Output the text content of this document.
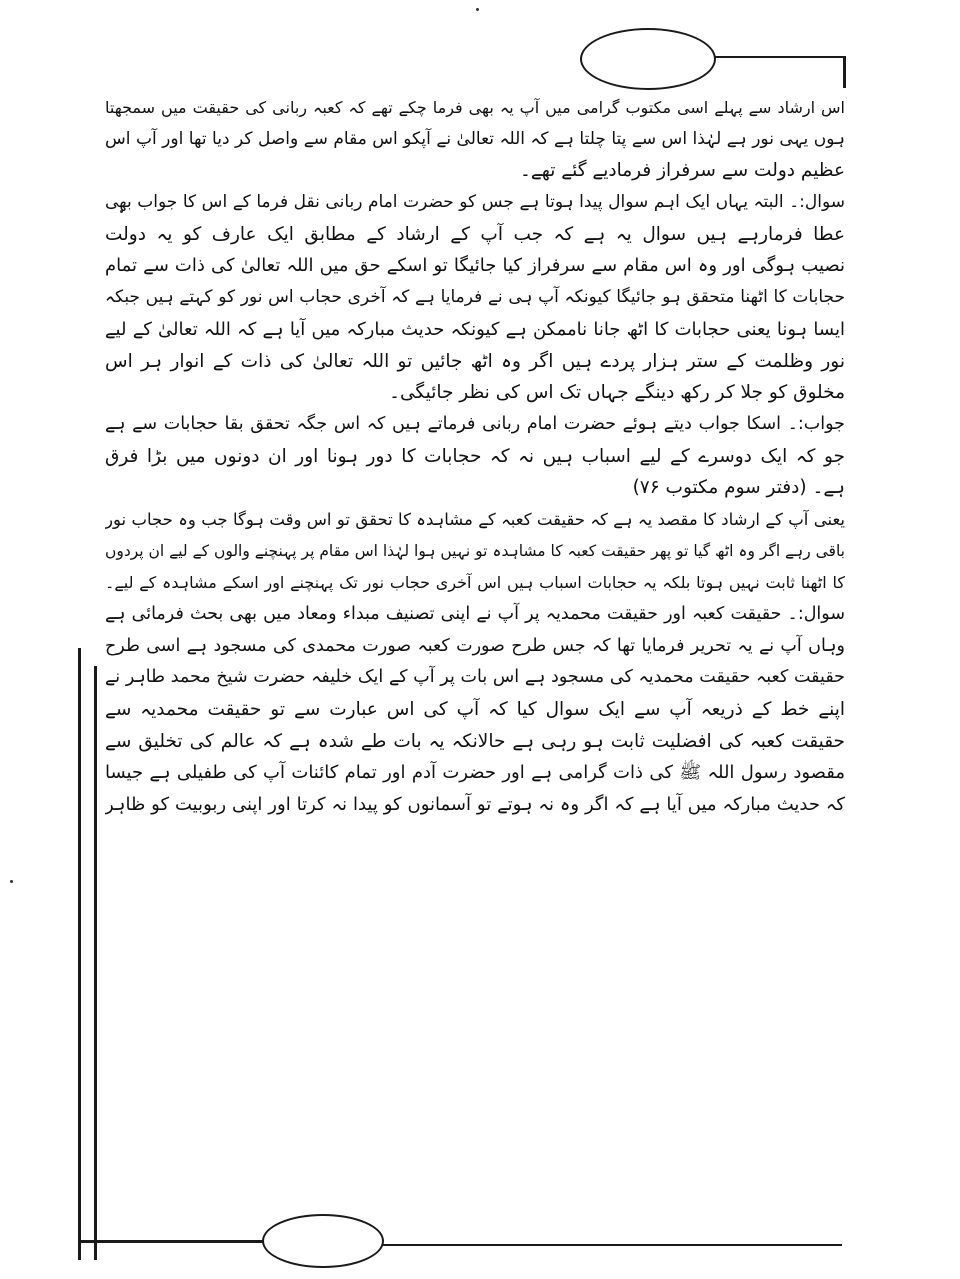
اس ارشاد سے پہلے اسی مکتوب گرامی میں آپ یہ بھی فرما چکے تھے کہ کعبہ ربانی کی حقیقت میں سمجھتا
ہوں یہی نور ہے لہٰذا اس سے پتا چلتا ہے کہ اللہ تعالیٰ نے آپکو اس مقام سے واصل کر دیا تھا اور آپ اس
عظیم دولت سے سرفراز فرمادیے گئے تھے۔
سوال:۔ البتہ یہاں ایک اہم سوال پیدا ہوتا ہے جس کو حضرت امام ربانی نقل فرما کے اس کا جواب بھی
عطا فرمارہے ہیں سوال یہ ہے کہ جب آپ کے ارشاد کے مطابق ایک عارف کو یہ دولت
نصیب ہوگی اور وہ اس مقام سے سرفراز کیا جائیگا تو اسکے حق میں اللہ تعالیٰ کی ذات سے تمام
حجابات کا اٹھنا متحقق ہو جائیگا کیونکہ آپ ہی نے فرمایا ہے کہ آخری حجاب اس نور کو کہتے ہیں جبکہ
ایسا ہونا یعنی حجابات کا اٹھ جانا ناممکن ہے کیونکہ حدیث مبارکہ میں آیا ہے کہ اللہ تعالیٰ کے لیے
نور وظلمت کے ستر ہزار پردے ہیں اگر وہ اٹھ جائیں تو اللہ تعالیٰ کی ذات کے انوار ہر اس
مخلوق کو جلا کر رکھ دینگے جہاں تک اس کی نظر جائیگی۔
جواب:۔ اسکا جواب دیتے ہوئے حضرت امام ربانی فرماتے ہیں کہ اس جگہ تحقق بقا حجابات سے ہے
جو کہ ایک دوسرے کے لیے اسباب ہیں نہ کہ حجابات کا دور ہونا اور ان دونوں میں بڑا فرق
ہے۔ (دفتر سوم مکتوب ۷۶)
یعنی آپ کے ارشاد کا مقصد یہ ہے کہ حقیقت کعبہ کے مشاہدہ کا تحقق تو اس وقت ہوگا جب وہ حجاب نور
باقی رہے اگر وہ اٹھ گیا تو پھر حقیقت کعبہ کا مشاہدہ تو نہیں ہوا لہٰذا اس مقام پر پہنچنے والوں کے لیے ان پردوں
کا اٹھنا ثابت نہیں ہوتا بلکہ یہ حجابات اسباب ہیں اس آخری حجاب نور تک پہنچنے اور اسکے مشاہدہ کے لیے۔
سوال:۔ حقیقت کعبہ اور حقیقت محمدیہ پر آپ نے اپنی تصنیف مبداء ومعاد میں بھی بحث فرمائی ہے
وہاں آپ نے یہ تحریر فرمایا تھا کہ جس طرح صورت کعبہ صورت محمدی کی مسجود ہے اسی طرح
حقیقت کعبہ حقیقت محمدیہ کی مسجود ہے اس بات پر آپ کے ایک خلیفہ حضرت شیخ محمد طاہر نے
اپنے خط کے ذریعہ آپ سے ایک سوال کیا کہ آپ کی اس عبارت سے تو حقیقت محمدیہ سے
حقیقت کعبہ کی افضلیت ثابت ہو رہی ہے حالانکہ یہ بات طے شدہ ہے کہ عالم کی تخلیق سے
مقصود رسول اللہ ﷺ کی ذات گرامی ہے اور حضرت آدم اور تمام کائنات آپ کی طفیلی ہے جیسا
کہ حدیث مبارکہ میں آیا ہے کہ اگر وہ نہ ہوتے تو آسمانوں کو پیدا نہ کرتا اور اپنی ربوبیت کو ظاہر
